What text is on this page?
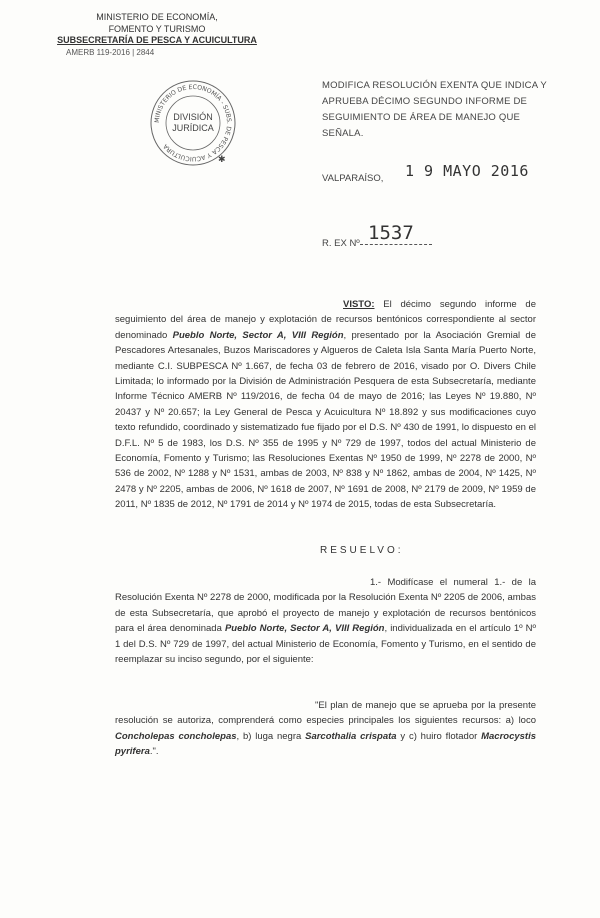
MINISTERIO DE ECONOMÍA,
FOMENTO Y TURISMO
SUBSECRETARÍA DE PESCA Y ACUICULTURA
AMERB 119-2016 | 2844
MINISTERIO DE ECONOMÍA - SUBS. DE PESCA Y ACUICULTURA
DIVISIÓN
JURÍDICA
✱
MODIFICA RESOLUCIÓN EXENTA QUE INDICA Y APRUEBA DÉCIMO SEGUNDO INFORME DE SEGUIMIENTO DE ÁREA DE MANEJO QUE SEÑALA.
1 9 MAYO 2016
VALPARAÍSO,
1537
R. EX Nº
VISTO: El décimo segundo informe de seguimiento del área de manejo y explotación de recursos bentónicos correspondiente al sector denominado Pueblo Norte, Sector A, VIII Región, presentado por la Asociación Gremial de Pescadores Artesanales, Buzos Mariscadores y Algueros de Caleta Isla Santa María Puerto Norte, mediante C.I. SUBPESCA Nº 1.667, de fecha 03 de febrero de 2016, visado por O. Divers Chile Limitada; lo informado por la División de Administración Pesquera de esta Subsecretaría, mediante Informe Técnico AMERB Nº 119/2016, de fecha 04 de mayo de 2016; las Leyes Nº 19.880, Nº 20437 y Nº 20.657; la Ley General de Pesca y Acuicultura Nº 18.892 y sus modificaciones cuyo texto refundido, coordinado y sistematizado fue fijado por el D.S. Nº 430 de 1991, lo dispuesto en el D.F.L. Nº 5 de 1983, los D.S. Nº 355 de 1995 y Nº 729 de 1997, todos del actual Ministerio de Economía, Fomento y Turismo; las Resoluciones Exentas Nº 1950 de 1999, Nº 2278 de 2000, Nº 536 de 2002, Nº 1288 y Nº 1531, ambas de 2003, Nº 838 y Nº 1862, ambas de 2004, Nº 1425, Nº 2478 y Nº 2205, ambas de 2006, Nº 1618 de 2007, Nº 1691 de 2008, Nº 2179 de 2009, Nº 1959 de 2011, Nº 1835 de 2012, Nº 1791 de 2014 y Nº 1974 de 2015, todas de esta Subsecretaría.
RESUELVO:
1.- Modifícase el numeral 1.- de la Resolución Exenta Nº 2278 de 2000, modificada por la Resolución Exenta Nº 2205 de 2006, ambas de esta Subsecretaría, que aprobó el proyecto de manejo y explotación de recursos bentónicos para el área denominada Pueblo Norte, Sector A, VIII Región, individualizada en el artículo 1º Nº 1 del D.S. Nº 729 de 1997, del actual Ministerio de Economía, Fomento y Turismo, en el sentido de reemplazar su inciso segundo, por el siguiente:
"El plan de manejo que se aprueba por la presente resolución se autoriza, comprenderá como especies principales los siguientes recursos: a) loco Concholepas concholepas, b) luga negra Sarcothalia crispata y c) huiro flotador Macrocystis pyrifera.".
